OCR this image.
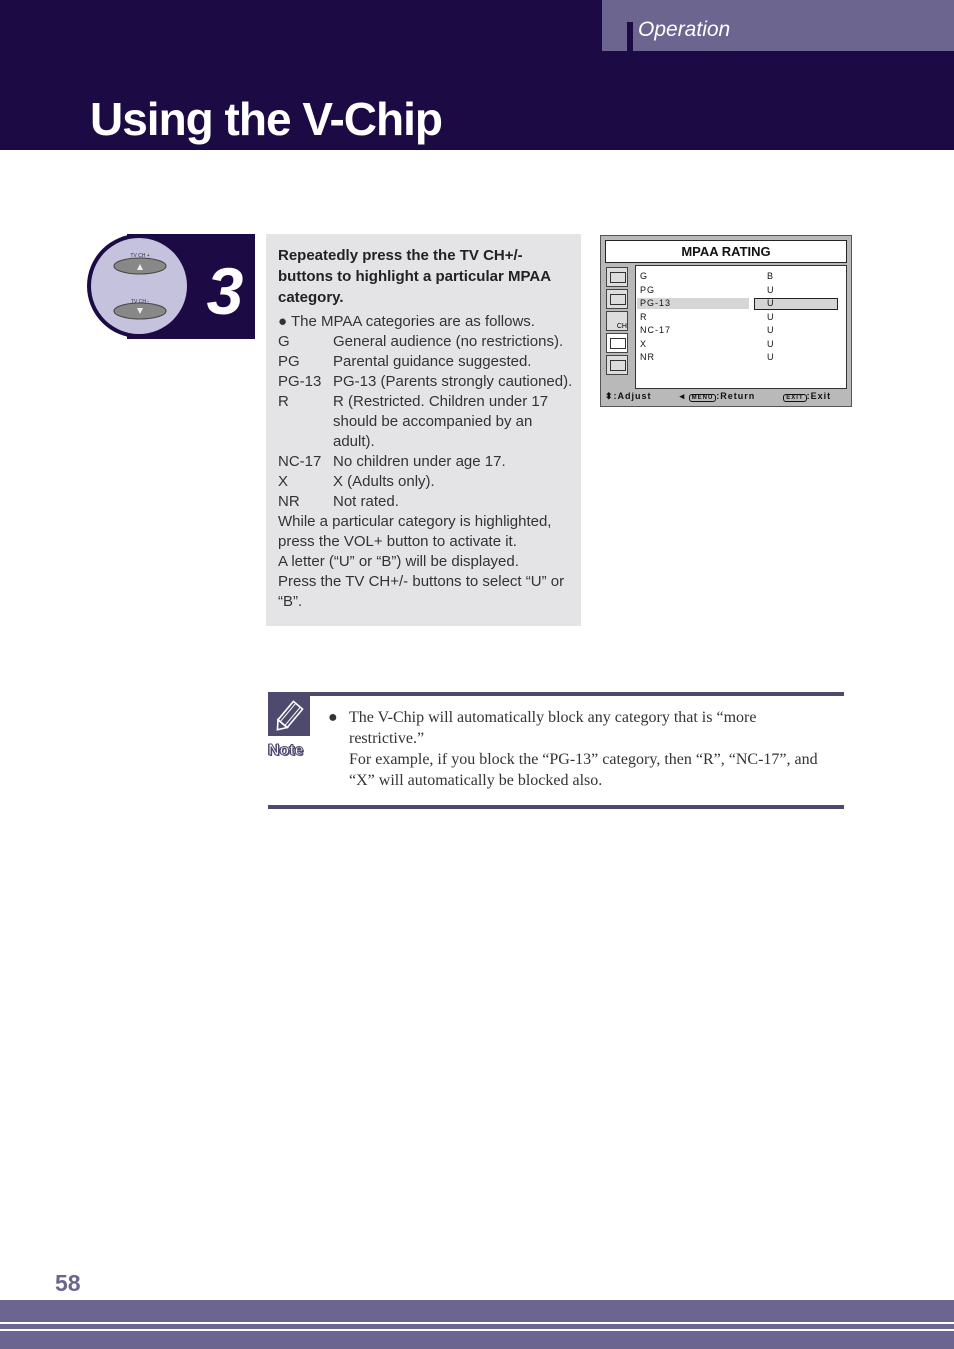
Operation
Using the V-Chip
TV CH +
TV CH - 3 Repeatedly press the the TV CH+/- buttons to highlight a particular MPAA category.
● The MPAA categories are as follows.
G	General audience (no restrictions).
PG	Parental guidance suggested.
PG-13 PG-13 (Parents strongly cautioned).
R	R (Restricted. Children under 17 should be accompanied by an adult).
NC-17 No children under age 17.
X	X (Adults only).
NR	Not rated.
While a particular category is highlighted, press the VOL+ button to activate it.
A letter (“U” or “B”) will be displayed.
Press the TV CH+/- buttons to select “U” or “B”.
MPAA RATING
CH
G	B
PG	U
PG-13	U
R	U
NC-17	U
X	U
NR	U
⬍:Adjust	◂ MENU :Return	EXIT :Exit
Note
● The V-Chip will automatically block any category that is “more restrictive.”
For example, if you block the “PG-13” category, then “R”, “NC-17”, and “X” will automatically be blocked also.
58
